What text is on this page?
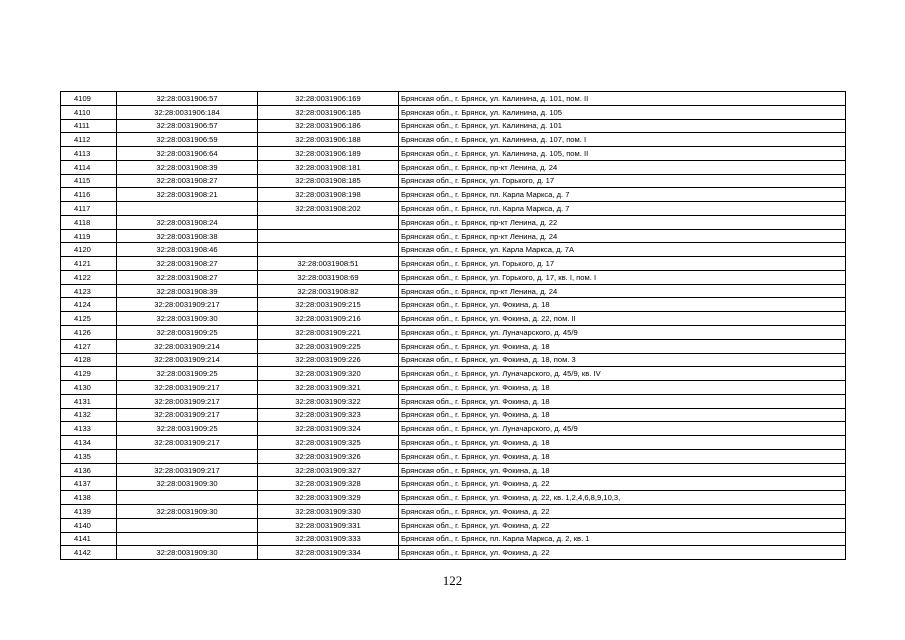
4109	32:28:0031906:57	32:28:0031906:169	Брянская обл., г. Брянск, ул. Калинина, д. 101, пом. II
4110	32:28:0031906:184	32:28:0031906:185	Брянская обл., г. Брянск, ул. Калинина, д. 105
4111	32:28:0031906:57	32:28:0031906:186	Брянская обл., г. Брянск, ул. Калинина, д. 101
4112	32:28:0031906:59	32:28:0031906:188	Брянская обл., г. Брянск, ул. Калинина, д. 107, пом. I
4113	32:28:0031906:64	32:28:0031906:189	Брянская обл., г. Брянск, ул. Калинина, д. 105, пом. II
4114	32:28:0031908:39	32:28:0031908:181	Брянская обл., г. Брянск, пр-кт Ленина, д. 24
4115	32:28:0031908:27	32:28:0031908:185	Брянская обл., г. Брянск, ул. Горького, д. 17
4116	32:28:0031908:21	32:28:0031908:198	Брянская обл., г. Брянск, пл. Карла Маркса, д. 7
4117		32:28:0031908:202	Брянская обл., г. Брянск, пл. Карла Маркса, д. 7
4118	32:28:0031908:24		Брянская обл., г. Брянск, пр-кт Ленина, д. 22
4119	32:28:0031908:38		Брянская обл., г. Брянск, пр-кт Ленина, д. 24
4120	32:28:0031908:46		Брянская обл., г. Брянск, ул. Карла Маркса, д. 7А
4121	32:28:0031908:27	32:28:0031908:51	Брянская обл., г. Брянск, ул. Горького, д. 17
4122	32:28:0031908:27	32:28:0031908:69	Брянская обл., г. Брянск, ул. Горького, д. 17, кв. I, пом. I
4123	32:28:0031908:39	32:28:0031908:82	Брянская обл., г. Брянск, пр-кт Ленина, д. 24
4124	32:28:0031909:217	32:28:0031909:215	Брянская обл., г. Брянск, ул. Фокина, д. 18
4125	32:28:0031909:30	32:28:0031909:216	Брянская обл., г. Брянск, ул. Фокина, д. 22, пом. II
4126	32:28:0031909:25	32:28:0031909:221	Брянская обл., г. Брянск, ул. Луначарского, д. 45/9
4127	32:28:0031909:214	32:28:0031909:225	Брянская обл., г. Брянск, ул. Фокина, д. 18
4128	32:28:0031909:214	32:28:0031909:226	Брянская обл., г. Брянск, ул. Фокина, д. 18, пом. 3
4129	32:28:0031909:25	32:28:0031909:320	Брянская обл., г. Брянск, ул. Луначарского, д. 45/9, кв. IV
4130	32:28:0031909:217	32:28:0031909:321	Брянская обл., г. Брянск, ул. Фокина, д. 18
4131	32:28:0031909:217	32:28:0031909:322	Брянская обл., г. Брянск, ул. Фокина, д. 18
4132	32:28:0031909:217	32:28:0031909:323	Брянская обл., г. Брянск, ул. Фокина, д. 18
4133	32:28:0031909:25	32:28:0031909:324	Брянская обл., г. Брянск, ул. Луначарского, д. 45/9
4134	32:28:0031909:217	32:28:0031909:325	Брянская обл., г. Брянск, ул. Фокина, д. 18
4135		32:28:0031909:326	Брянская обл., г. Брянск, ул. Фокина, д. 18
4136	32:28:0031909:217	32:28:0031909:327	Брянская обл., г. Брянск, ул. Фокина, д. 18
4137	32:28:0031909:30	32:28:0031909:328	Брянская обл., г. Брянск, ул. Фокина, д. 22
4138		32:28:0031909:329	Брянская обл., г. Брянск, ул. Фокина, д. 22, кв. 1,2,4,6,8,9,10,3,
4139	32:28:0031909:30	32:28:0031909:330	Брянская обл., г. Брянск, ул. Фокина, д. 22
4140		32:28:0031909:331	Брянская обл., г. Брянск, ул. Фокина, д. 22
4141		32:28:0031909:333	Брянская обл., г. Брянск, пл. Карла Маркса, д. 2, кв. 1
4142	32:28:0031909:30	32:28:0031909:334	Брянская обл., г. Брянск, ул. Фокина, д. 22
122
